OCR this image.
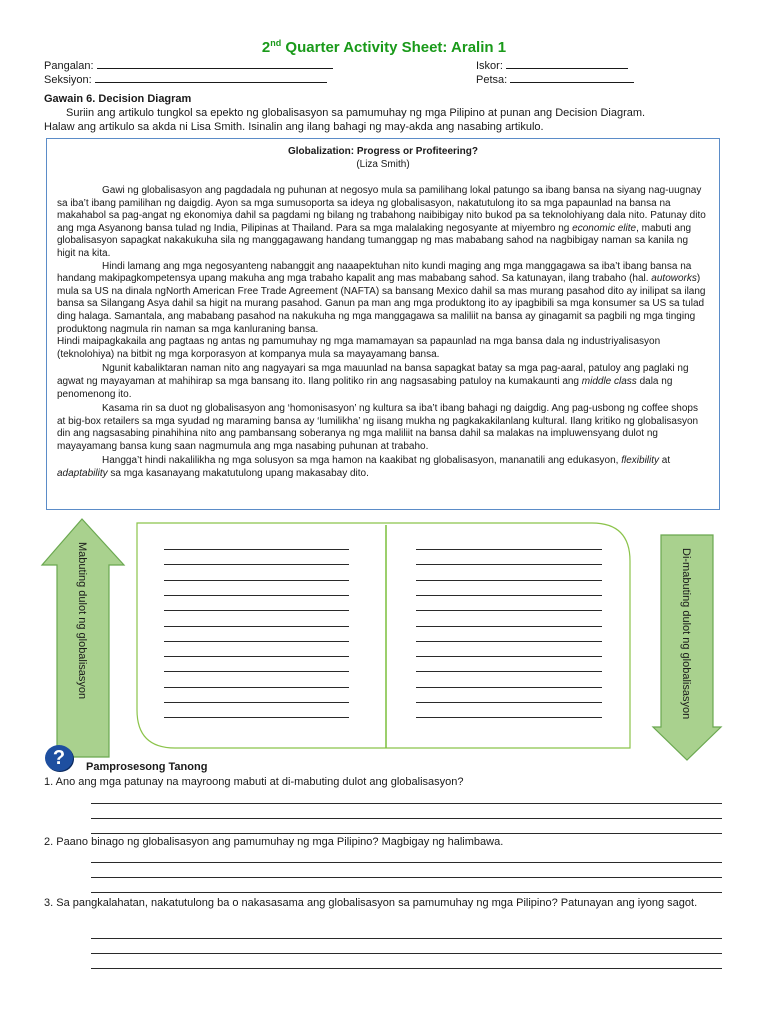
2nd Quarter Activity Sheet: Aralin 1
Pangalan:
Seksiyon:
Iskor:
Petsa:
Gawain 6. Decision Diagram
Suriin ang artikulo tungkol sa epekto ng globalisasyon sa pamumuhay ng mga Pilipino at punan ang Decision Diagram.
Halaw ang artikulo sa akda ni Lisa Smith. Isinalin ang ilang bahagi ng may-akda ang nasabing artikulo.
Globalization: Progress or Profiteering?
(Liza Smith)

Gawi ng globalisasyon ang pagdadala ng puhunan at negosyo mula sa pamilihang lokal patungo sa ibang bansa na siyang nag-uugnay sa iba’t ibang pamilihan ng daigdig. Ayon sa mga sumusoporta sa ideya ng globalisasyon, nakatutulong ito sa mga papaunlad na bansa na makahabol sa pag-angat ng ekonomiya dahil sa pagdami ng bilang ng trabahong naibibigay nito bukod pa sa teknolohiyang dala nito. Patunay dito ang mga Asyanong bansa tulad ng India, Pilipinas at Thailand. Para sa mga malalaking negosyante at miyembro ng economic elite, mabuti ang globalisasyon sapagkat nakakukuha sila ng manggagawang handang tumanggap ng mas mababang sahod na nagbibigay naman sa kanila ng higit na kita.

Hindi lamang ang mga negosyanteng nabanggit ang naaapektuhan nito kundi maging ang mga manggagawa sa iba’t ibang bansa na handang makipagkompetensya upang makuha ang mga trabaho kapalit ang mas mababang sahod. Sa katunayan, ilang trabaho (hal. autoworks) mula sa US na dinala ngNorth American Free Trade Agreement (NAFTA) sa bansang Mexico dahil sa mas murang pasahod dito ay inilipat sa ilang bansa sa Silangang Asya dahil sa higit na murang pasahod. Ganun pa man ang mga produktong ito ay ipagbibili sa mga konsumer sa US sa tulad ding halaga. Samantala, ang mababang pasahod na nakukuha ng mga manggagawa sa maliliit na bansa ay ginagamit sa pagbili ng mga tinging produktong nagmula rin naman sa mga kanluraning bansa.

Hindi maipagkakaila ang pagtaas ng antas ng pamumuhay ng mga mamamayan sa papaunlad na mga bansa dala ng industriyalisasyon (teknolohiya) na bitbit ng mga korporasyon at kompanya mula sa mayayamang bansa.

Ngunit kabaliktaran naman nito ang nagyayari sa mga mauunlad na bansa sapagkat batay sa mga pag-aaral, patuloy ang paglaki ng agwat ng mayayaman at mahihirap sa mga bansang ito. Ilang politiko rin ang nagsasabing patuloy na kumakaunti ang middle class dala ng penomenong ito.

Kasama rin sa duot ng globalisasyon ang ‘homonisasyon’ ng kultura sa iba’t ibang bahagi ng daigdig. Ang pag-usbong ng coffee shops at big-box retailers sa mga syudad ng maraming bansa ay ‘lumilikha’ ng iisang mukha ng pagkakakilanlang kultural. Ilang kritiko ng globalisasyon din ang nagsasabing pinahihina nito ang pambansang soberanya ng mga maliliit na bansa dahil sa malakas na impluwensyang dulot ng mayayamang bansa kung saan nagmumula ang mga nasabing puhunan at trabaho.

Hangga’t hindi nakalilikha ng mga solusyon sa mga hamon na kaakibat ng globalisasyon, mananatili ang edukasyon, flexibility at adaptability sa mga kasanayang makatutulong upang makasabay dito.

Mabuting dulot ng globalisasyon	Di-mabuting dulot ng globalisasyon
?	Pamprosesong Tanong
1. Ano ang mga patunay na mayroong mabuti at di-mabuting dulot ang globalisasyon?
2. Paano binago ng globalisasyon ang pamumuhay ng mga Pilipino? Magbigay ng halimbawa.
3. Sa pangkalahatan, nakatutulong ba o nakasasama ang globalisasyon sa pamumuhay ng mga Pilipino? Patunayan ang iyong sagot.
